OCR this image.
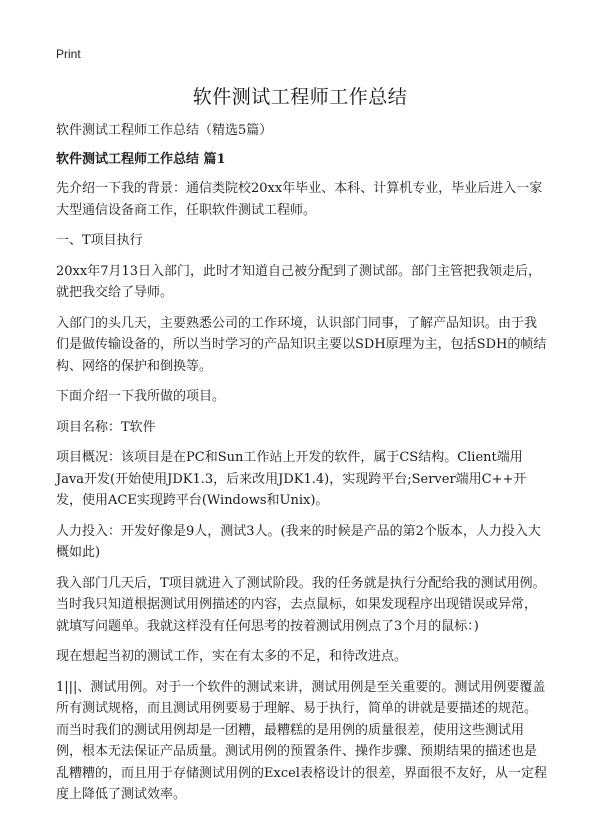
Print
软件测试工程师工作总结

软件测试工程师工作总结（精选5篇）

软件测试工程师工作总结 篇1

先介绍一下我的背景：通信类院校20xx年毕业、本科、计算机专业，毕业后进入一家大型通信设备商工作，任职软件测试工程师。

一、T项目执行

20xx年7月13日入部门，此时才知道自己被分配到了测试部。部门主管把我领走后，就把我交给了导师。

入部门的头几天，主要熟悉公司的工作环境，认识部门同事，了解产品知识。由于我们是做传输设备的，所以当时学习的产品知识主要以SDH原理为主，包括SDH的帧结构、网络的保护和倒换等。

下面介绍一下我所做的项目。

项目名称：T软件

项目概况：该项目是在PC和Sun工作站上开发的软件，属于CS结构。Client端用Java开发(开始使用JDK1.3，后来改用JDK1.4)，实现跨平台;Server端用C++开发，使用ACE实现跨平台(Windows和Unix)。

人力投入：开发好像是9人，测试3人。(我来的时候是产品的第2个版本，人力投入大概如此)

我入部门几天后，T项目就进入了测试阶段。我的任务就是执行分配给我的测试用例。当时我只知道根据测试用例描述的内容，去点鼠标，如果发现程序出现错误或异常，就填写问题单。我就这样没有任何思考的按着测试用例点了3个月的鼠标：)

现在想起当初的测试工作，实在有太多的不足，和待改进点。

1|||、测试用例。对于一个软件的测试来讲，测试用例是至关重要的。测试用例要覆盖所有测试规格，而且测试用例要易于理解、易于执行，简单的讲就是要描述的规范。而当时我们的测试用例却是一团糟，最糟糕的是用例的质量很差，使用这些测试用例，根本无法保证产品质量。测试用例的预置条件、操作步骤、预期结果的描述也是乱糟糟的，而且用于存储测试用例的Excel表格设计的很差，界面很不友好，从一定程度上降低了测试效率。
